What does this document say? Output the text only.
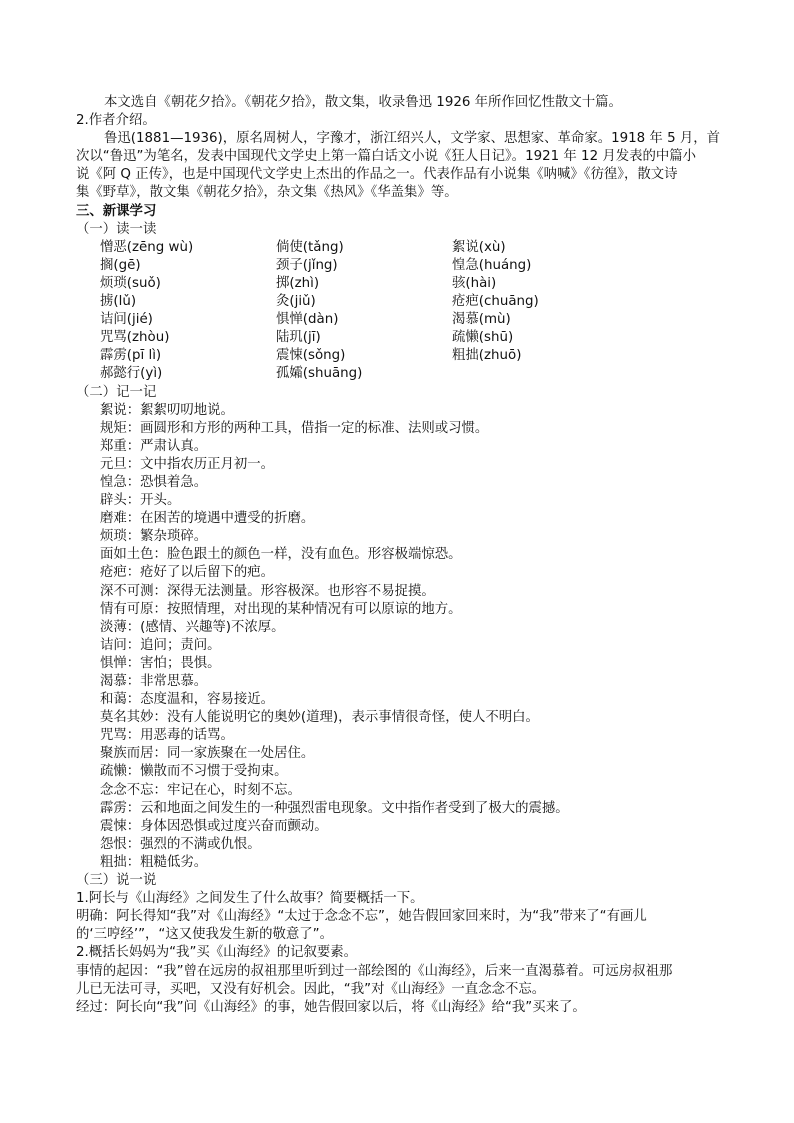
本文选自《朝花夕拾》。《朝花夕拾》，散文集，收录鲁迅 1926 年所作回忆性散文十篇。

2.作者介绍。

鲁迅(1881—1936)，原名周树人，字豫才，浙江绍兴人，文学家、思想家、革命家。1918 年 5 月，首

次以“鲁迅”为笔名，发表中国现代文学史上第一篇白话文小说《狂人日记》。1921 年 12 月发表的中篇小

说《阿 Q 正传》，也是中国现代文学史上杰出的作品之一。代表作品有小说集《呐喊》《彷徨》，散文诗

集《野草》，散文集《朝花夕拾》，杂文集《热风》《华盖集》等。

三、新课学习

（一）读一读

憎恶(zēng wù)	倘使(tǎng)	絮说(xù)
搁(gē)	颈子(jǐng)	惶急(huáng)
烦琐(suǒ)	掷(zhì)	骇(hài)
掳(lǔ)	灸(jiǔ)	疮疤(chuāng)
诘问(jié)	惧惮(dàn)	渴慕(mù)
咒骂(zhòu)	陆玑(jī)	疏懒(shū)
霹雳(pī lì)	震悚(sǒng)	粗拙(zhuō)
郝懿行(yì)	孤孀(shuāng)

（二）记一记

絮说：絮絮叨叨地说。

规矩：画圆形和方形的两种工具，借指一定的标准、法则或习惯。

郑重：严肃认真。

元旦：文中指农历正月初一。

惶急：恐惧着急。

辟头：开头。

磨难：在困苦的境遇中遭受的折磨。

烦琐：繁杂琐碎。

面如土色：脸色跟土的颜色一样，没有血色。形容极端惊恐。

疮疤：疮好了以后留下的疤。

深不可测：深得无法测量。形容极深。也形容不易捉摸。

情有可原：按照情理，对出现的某种情况有可以原谅的地方。

淡薄：(感情、兴趣等)不浓厚。

诘问：追问；责问。

惧惮：害怕；畏惧。

渴慕：非常思慕。

和蔼：态度温和，容易接近。

莫名其妙：没有人能说明它的奥妙(道理)，表示事情很奇怪，使人不明白。

咒骂：用恶毒的话骂。

聚族而居：同一家族聚在一处居住。

疏懒：懒散而不习惯于受拘束。

念念不忘：牢记在心，时刻不忘。

霹雳：云和地面之间发生的一种强烈雷电现象。文中指作者受到了极大的震撼。

震悚：身体因恐惧或过度兴奋而颤动。

怨恨：强烈的不满或仇恨。

粗拙：粗糙低劣。

（三）说一说

1.阿长与《山海经》之间发生了什么故事？简要概括一下。

明确：阿长得知“我”对《山海经》“太过于念念不忘”，她告假回家回来时，为“我”带来了“有画儿

的‘三哼经’”，“这又使我发生新的敬意了”。

2.概括长妈妈为“我”买《山海经》的记叙要素。

事情的起因：“我”曾在远房的叔祖那里听到过一部绘图的《山海经》，后来一直渴慕着。可远房叔祖那

儿已无法可寻，买吧，又没有好机会。因此，“我”对《山海经》一直念念不忘。

经过：阿长向“我”问《山海经》的事，她告假回家以后，将《山海经》给“我”买来了。
